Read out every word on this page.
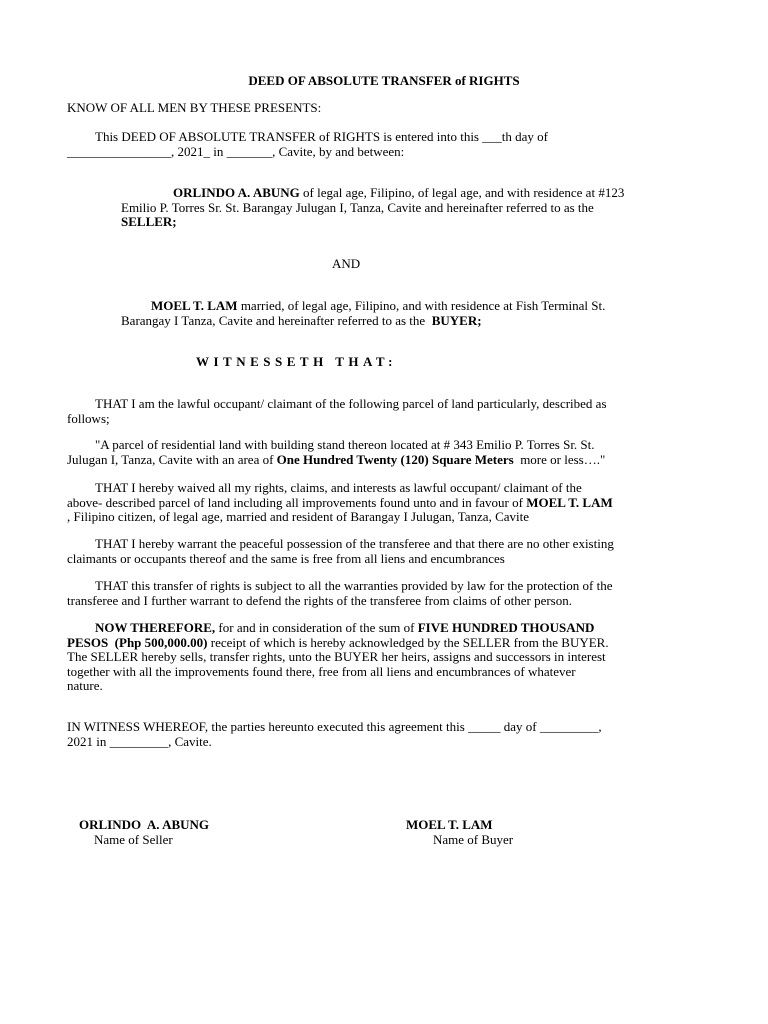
DEED OF ABSOLUTE TRANSFER of RIGHTS
KNOW OF ALL MEN BY THESE PRESENTS:
This DEED OF ABSOLUTE TRANSFER of RIGHTS is entered into this ___th day of
________________, 2021_ in _______, Cavite, by and between:
ORLINDO A. ABUNG of legal age, Filipino, of legal age, and with residence at #123
Emilio P. Torres Sr. St. Barangay Julugan I, Tanza, Cavite and hereinafter referred to as the
SELLER;
AND
MOEL T. LAM married, of legal age, Filipino, and with residence at Fish Terminal St.
Barangay I Tanza, Cavite and hereinafter referred to as the  BUYER;
WITNESSETH THAT:
THAT I am the lawful occupant/ claimant of the following parcel of land particularly, described as
follows;
"A parcel of residential land with building stand thereon located at # 343 Emilio P. Torres Sr. St.
Julugan I, Tanza, Cavite with an area of One Hundred Twenty (120) Square Meters  more or less…."
THAT I hereby waived all my rights, claims, and interests as lawful occupant/ claimant of the
above- described parcel of land including all improvements found unto and in favour of MOEL T. LAM
, Filipino citizen, of legal age, married and resident of Barangay I Julugan, Tanza, Cavite
THAT I hereby warrant the peaceful possession of the transferee and that there are no other existing
claimants or occupants thereof and the same is free from all liens and encumbrances
THAT this transfer of rights is subject to all the warranties provided by law for the protection of the
transferee and I further warrant to defend the rights of the transferee from claims of other person.
NOW THEREFORE, for and in consideration of the sum of FIVE HUNDRED THOUSAND
PESOS  (Php 500,000.00) receipt of which is hereby acknowledged by the SELLER from the BUYER.
The SELLER hereby sells, transfer rights, unto the BUYER her heirs, assigns and successors in interest
together with all the improvements found there, free from all liens and encumbrances of whatever
nature.
IN WITNESS WHEREOF, the parties hereunto executed this agreement this _____ day of _________,
2021 in _________, Cavite.
ORLINDO  A. ABUNG
Name of Seller
MOEL T. LAM
Name of Buyer
